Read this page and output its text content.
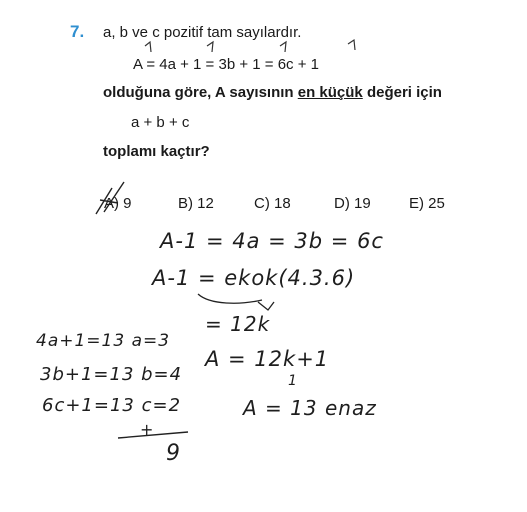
7. a, b ve c pozitif tam sayılardır.
A = 4a + 1 = 3b + 1 = 6c + 1
olduğuna göre, A sayısının en küçük değeri için
a + b + c
toplamı kaçtır?
A) 9	B) 12	C) 18	D) 19	E) 25
A-1 = 4a = 3b = 6c
A-1 = ekok(4.3.6)
= 12k
A = 12k+1
1
A = 13 enaz
4a+1=13 a=3
3b+1=13 b=4
6c+1=13 c=2
+
9
